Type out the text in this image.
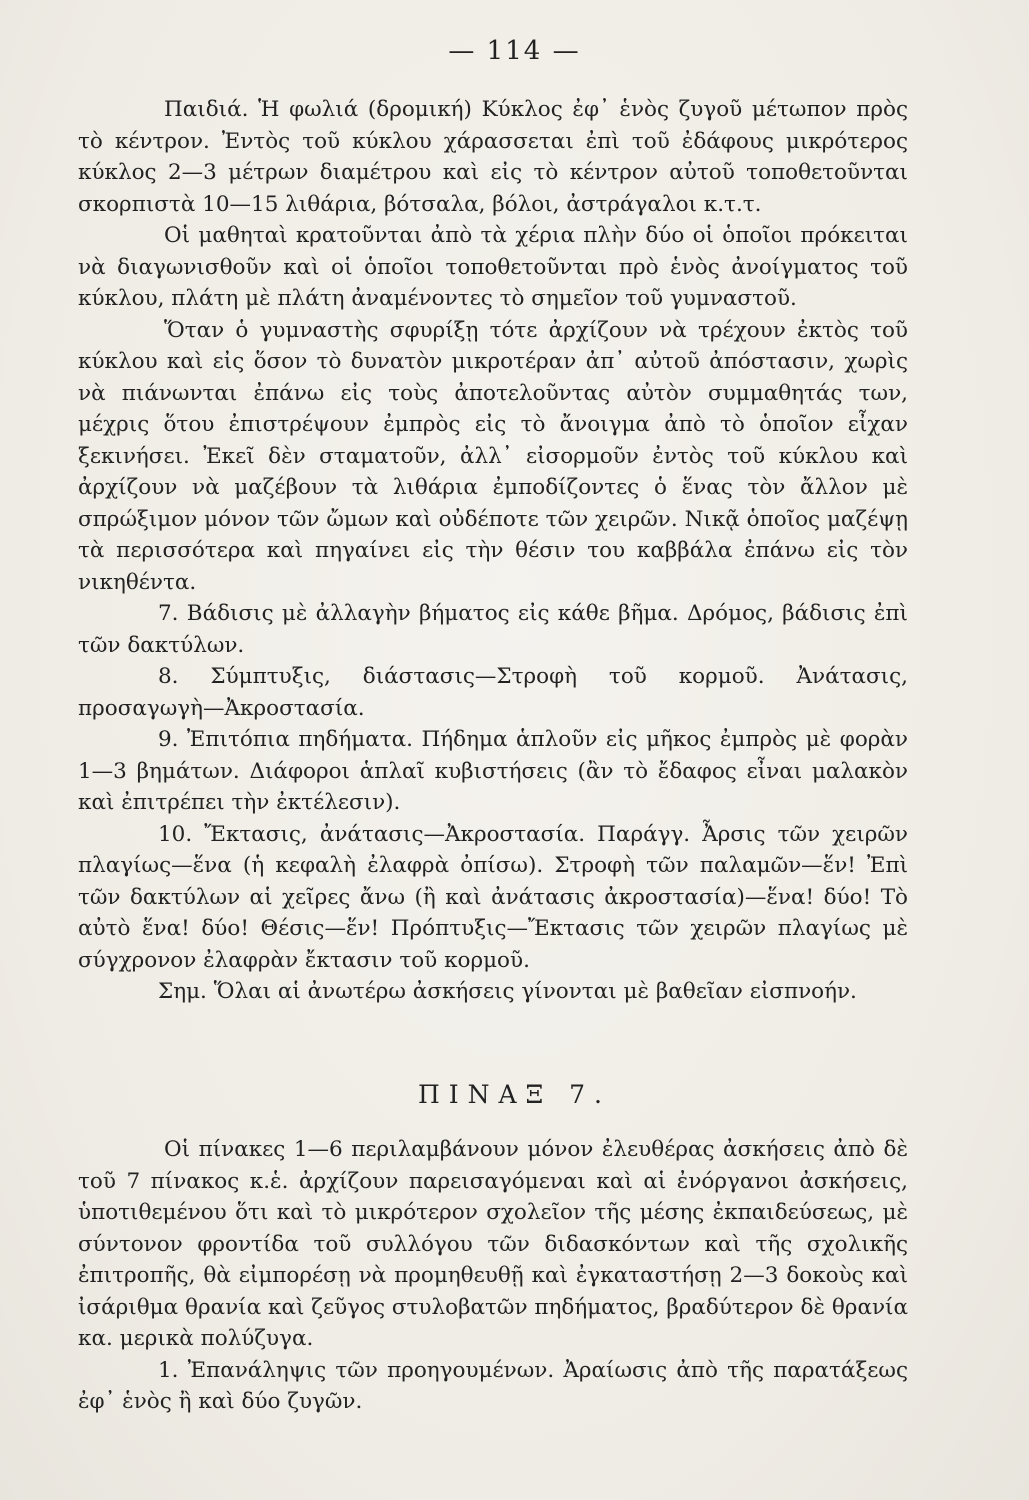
— 114 —

Παιδιά. Ἡ φωλιά (δρομική) Κύκλος ἐφ᾽ ἑνὸς ζυγοῦ μέτωπον πρὸς τὸ κέντρον. Ἐντὸς τοῦ κύκλου χάρασσεται ἐπὶ τοῦ ἐδάφους μικρότερος κύκλος 2—3 μέτρων διαμέτρου καὶ εἰς τὸ κέντρον αὐτοῦ τοποθετοῦνται σκορπιστὰ 10—15 λιθάρια, βότσαλα, βόλοι, ἀστράγαλοι κ.τ.τ.

Οἱ μαθηταὶ κρατοῦνται ἀπὸ τὰ χέρια πλὴν δύο οἱ ὁποῖοι πρόκειται νὰ διαγωνισθοῦν καὶ οἱ ὁποῖοι τοποθετοῦνται πρὸ ἑνὸς ἀνοίγματος τοῦ κύκλου, πλάτη μὲ πλάτη ἀναμένοντες τὸ σημεῖον τοῦ γυμναστοῦ.

Ὅταν ὁ γυμναστὴς σφυρίξῃ τότε ἀρχίζουν νὰ τρέχουν ἐκτὸς τοῦ κύκλου καὶ εἰς ὅσον τὸ δυνατὸν μικροτέραν ἀπ᾽ αὐτοῦ ἀπόστασιν, χωρὶς νὰ πιάνωνται ἐπάνω εἰς τοὺς ἀποτελοῦντας αὐτὸν συμμαθητάς των, μέχρις ὅτου ἐπιστρέψουν ἐμπρὸς εἰς τὸ ἄνοιγμα ἀπὸ τὸ ὁποῖον εἶχαν ξεκινήσει. Ἐκεῖ δὲν σταματοῦν, ἀλλ᾽ εἰσορμοῦν ἐντὸς τοῦ κύκλου καὶ ἀρχίζουν νὰ μαζέβουν τὰ λιθάρια ἐμποδίζοντες ὁ ἕνας τὸν ἄλλον μὲ σπρώξιμον μόνον τῶν ὤμων καὶ οὐδέποτε τῶν χειρῶν. Νικᾷ ὁποῖος μαζέψῃ τὰ περισσότερα καὶ πηγαίνει εἰς τὴν θέσιν του καββάλα ἐπάνω εἰς τὸν νικηθέντα.

7. Βάδισις μὲ ἀλλαγὴν βήματος εἰς κάθε βῆμα. Δρόμος, βάδισις ἐπὶ τῶν δακτύλων.

8. Σύμπτυξις, διάστασις—Στροφὴ τοῦ κορμοῦ. Ἀνάτασις, προσαγωγὴ—Ἀκροστασία.

9. Ἐπιτόπια πηδήματα. Πήδημα ἁπλοῦν εἰς μῆκος ἐμπρὸς μὲ φορὰν 1—3 βημάτων. Διάφοροι ἁπλαῖ κυβιστήσεις (ἂν τὸ ἔδαφος εἶναι μαλακὸν καὶ ἐπιτρέπει τὴν ἐκτέλεσιν).

10. Ἔκτασις, ἀνάτασις—Ἀκροστασία. Παράγγ. Ἆρσις τῶν χειρῶν πλαγίως—ἕνα (ἡ κεφαλὴ ἐλαφρὰ ὀπίσω). Στροφὴ τῶν παλαμῶν—ἕν! Ἐπὶ τῶν δακτύλων αἱ χεῖρες ἄνω (ἢ καὶ ἀνάτασις ἀκροστασία)—ἕνα! δύο! Τὸ αὐτὸ ἕνα! δύο! Θέσις—ἕν! Πρόπτυξις—Ἔκτασις τῶν χειρῶν πλαγίως μὲ σύγχρονον ἐλαφρὰν ἔκτασιν τοῦ κορμοῦ.

Σημ. Ὅλαι αἱ ἀνωτέρω ἀσκήσεις γίνονται μὲ βαθεῖαν εἰσπνοήν.

ΠΙΝΑΞ 7.

Οἱ πίνακες 1—6 περιλαμβάνουν μόνον ἐλευθέρας ἀσκήσεις ἀπὸ δὲ τοῦ 7 πίνακος κ.ἑ. ἀρχίζουν παρεισαγόμεναι καὶ αἱ ἐνόργανοι ἀσκήσεις, ὑποτιθεμένου ὅτι καὶ τὸ μικρότερον σχολεῖον τῆς μέσης ἐκπαιδεύσεως, μὲ σύντονον φροντίδα τοῦ συλλόγου τῶν διδασκόντων καὶ τῆς σχολικῆς ἐπιτροπῆς, θὰ εἰμπορέσῃ νὰ προμηθευθῇ καὶ ἐγκαταστήσῃ 2—3 δοκοὺς καὶ ἰσάριθμα θρανία καὶ ζεῦγος στυλοβατῶν πηδήματος, βραδύτερον δὲ θρανία κα. μερικὰ πολύζυγα.

1. Ἐπανάληψις τῶν προηγουμένων. Ἀραίωσις ἀπὸ τῆς παρατάξεως ἐφ᾽ ἑνὸς ἢ καὶ δύο ζυγῶν.
